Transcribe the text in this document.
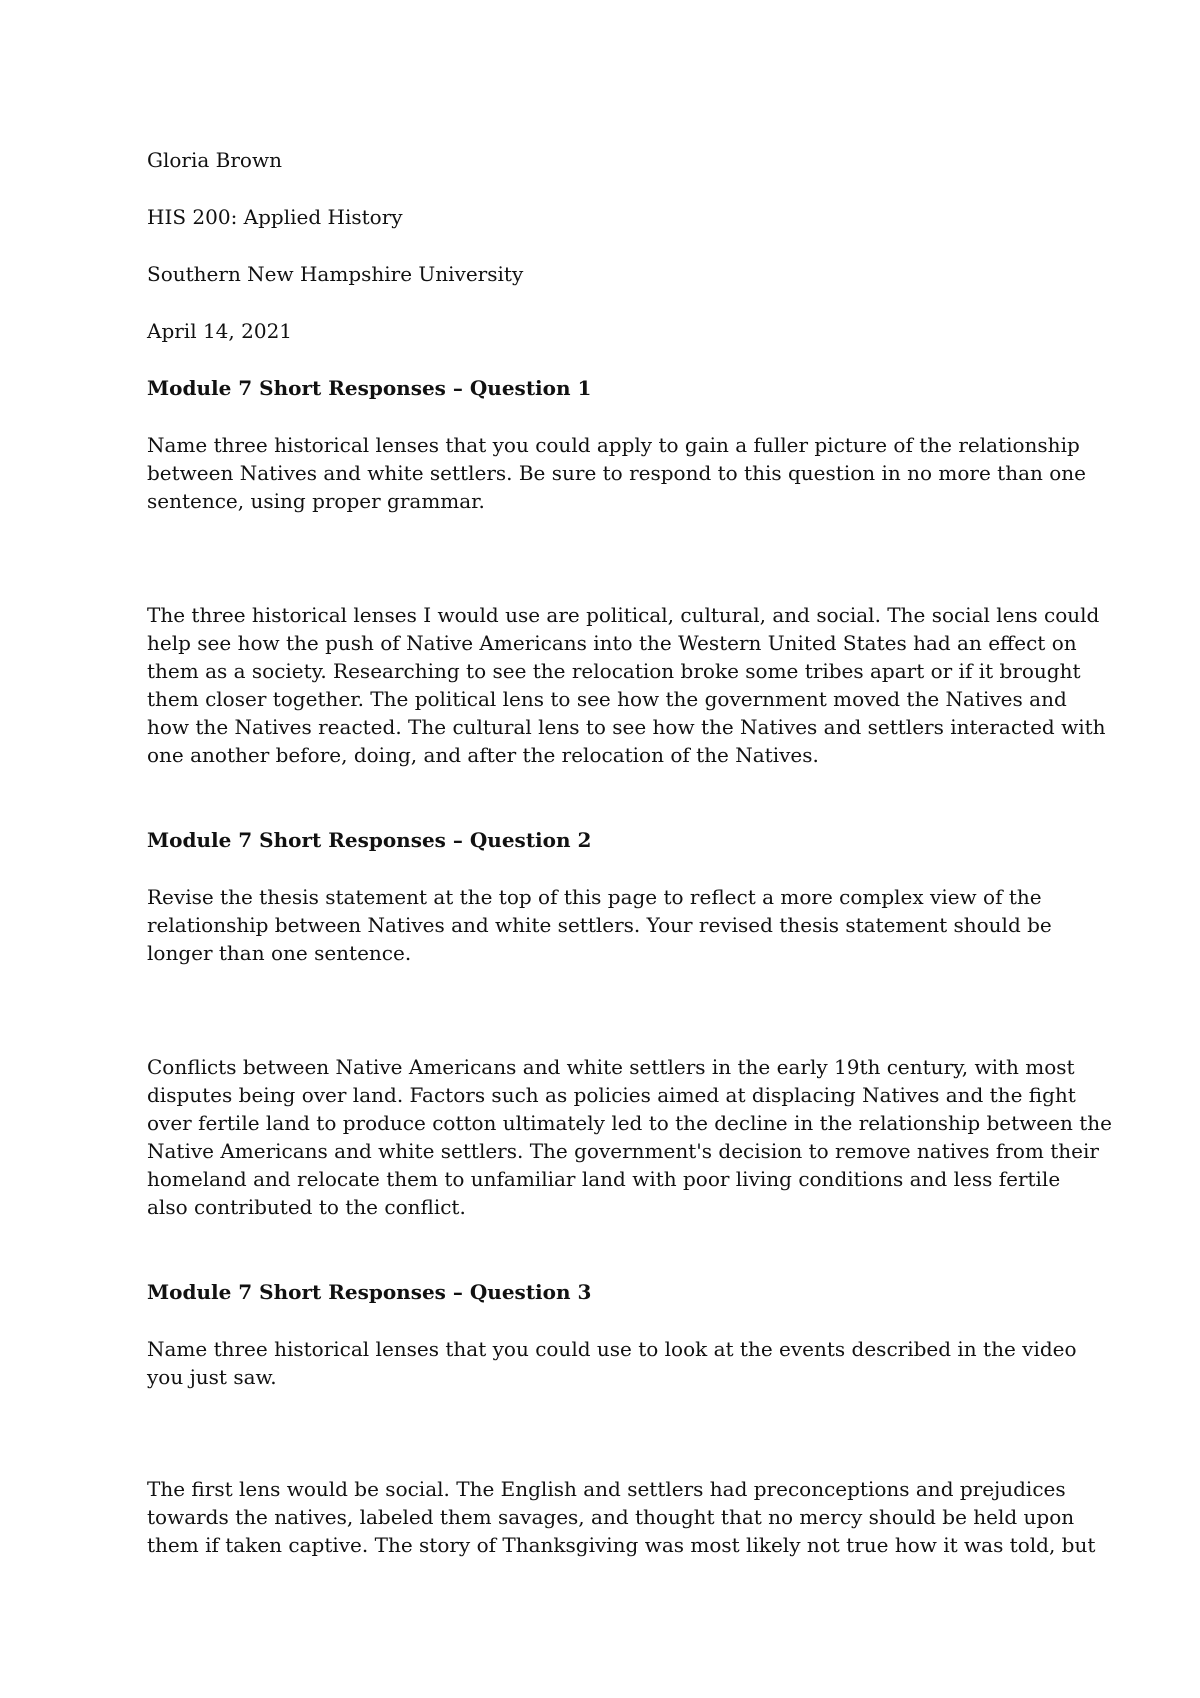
Gloria Brown

HIS 200: Applied History

Southern New Hampshire University

April 14, 2021

Module 7 Short Responses – Question 1

Name three historical lenses that you could apply to gain a fuller picture of the relationship
between Natives and white settlers. Be sure to respond to this question in no more than one
sentence, using proper grammar.
The three historical lenses I would use are political, cultural, and social. The social lens could
help see how the push of Native Americans into the Western United States had an effect on
them as a society. Researching to see the relocation broke some tribes apart or if it brought
them closer together. The political lens to see how the government moved the Natives and
how the Natives reacted. The cultural lens to see how the Natives and settlers interacted with
one another before, doing, and after the relocation of the Natives.

Module 7 Short Responses – Question 2

Revise the thesis statement at the top of this page to reflect a more complex view of the
relationship between Natives and white settlers. Your revised thesis statement should be
longer than one sentence.
Conflicts between Native Americans and white settlers in the early 19th century, with most
disputes being over land. Factors such as policies aimed at displacing Natives and the fight
over fertile land to produce cotton ultimately led to the decline in the relationship between the
Native Americans and white settlers. The government's decision to remove natives from their
homeland and relocate them to unfamiliar land with poor living conditions and less fertile
also contributed to the conflict.

Module 7 Short Responses – Question 3

Name three historical lenses that you could use to look at the events described in the video
you just saw.
The first lens would be social. The English and settlers had preconceptions and prejudices
towards the natives, labeled them savages, and thought that no mercy should be held upon
them if taken captive. The story of Thanksgiving was most likely not true how it was told, but
